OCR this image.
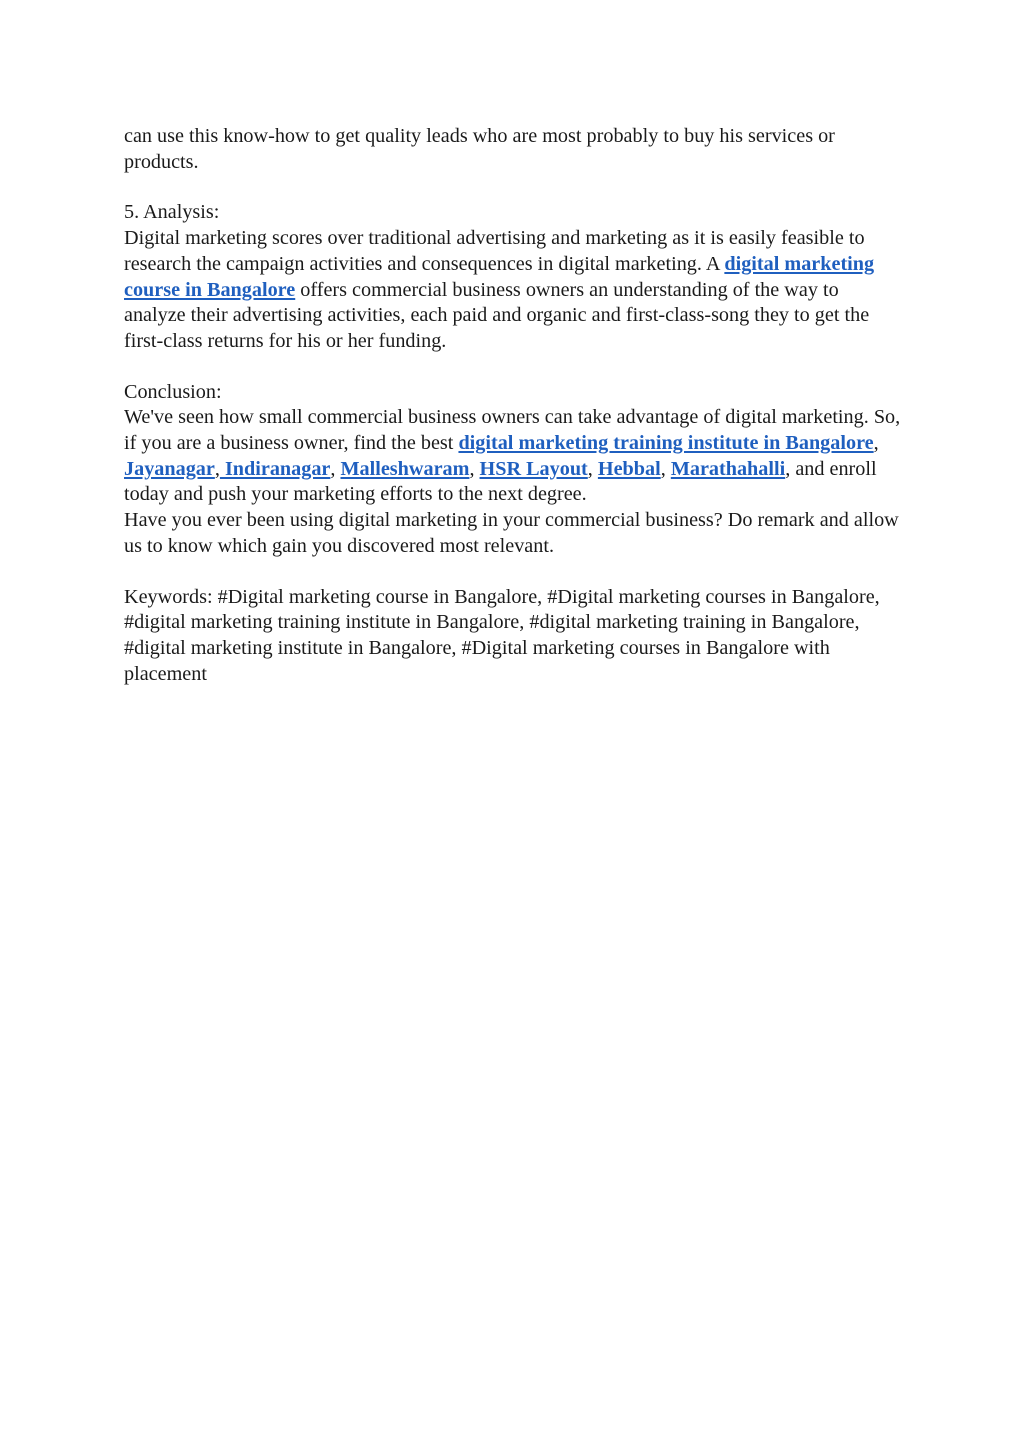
can use this know-how to get quality leads who are most probably to buy his services or products.

5. Analysis:

Digital marketing scores over traditional advertising and marketing as it is easily feasible to research the campaign activities and consequences in digital marketing. A digital marketing course in Bangalore offers commercial business owners an understanding of the way to analyze their advertising activities, each paid and organic and first-class-song they to get the first-class returns for his or her funding.

Conclusion:

We've seen how small commercial business owners can take advantage of digital marketing. So, if you are a business owner, find the best digital marketing training institute in Bangalore, Jayanagar, Indiranagar, Malleshwaram, HSR Layout, Hebbal, Marathahalli, and enroll today and push your marketing efforts to the next degree.

Have you ever been using digital marketing in your commercial business? Do remark and allow us to know which gain you discovered most relevant.

Keywords: #Digital marketing course in Bangalore, #Digital marketing courses in Bangalore, #digital marketing training institute in Bangalore, #digital marketing training in Bangalore, #digital marketing institute in Bangalore, #Digital marketing courses in Bangalore with placement
